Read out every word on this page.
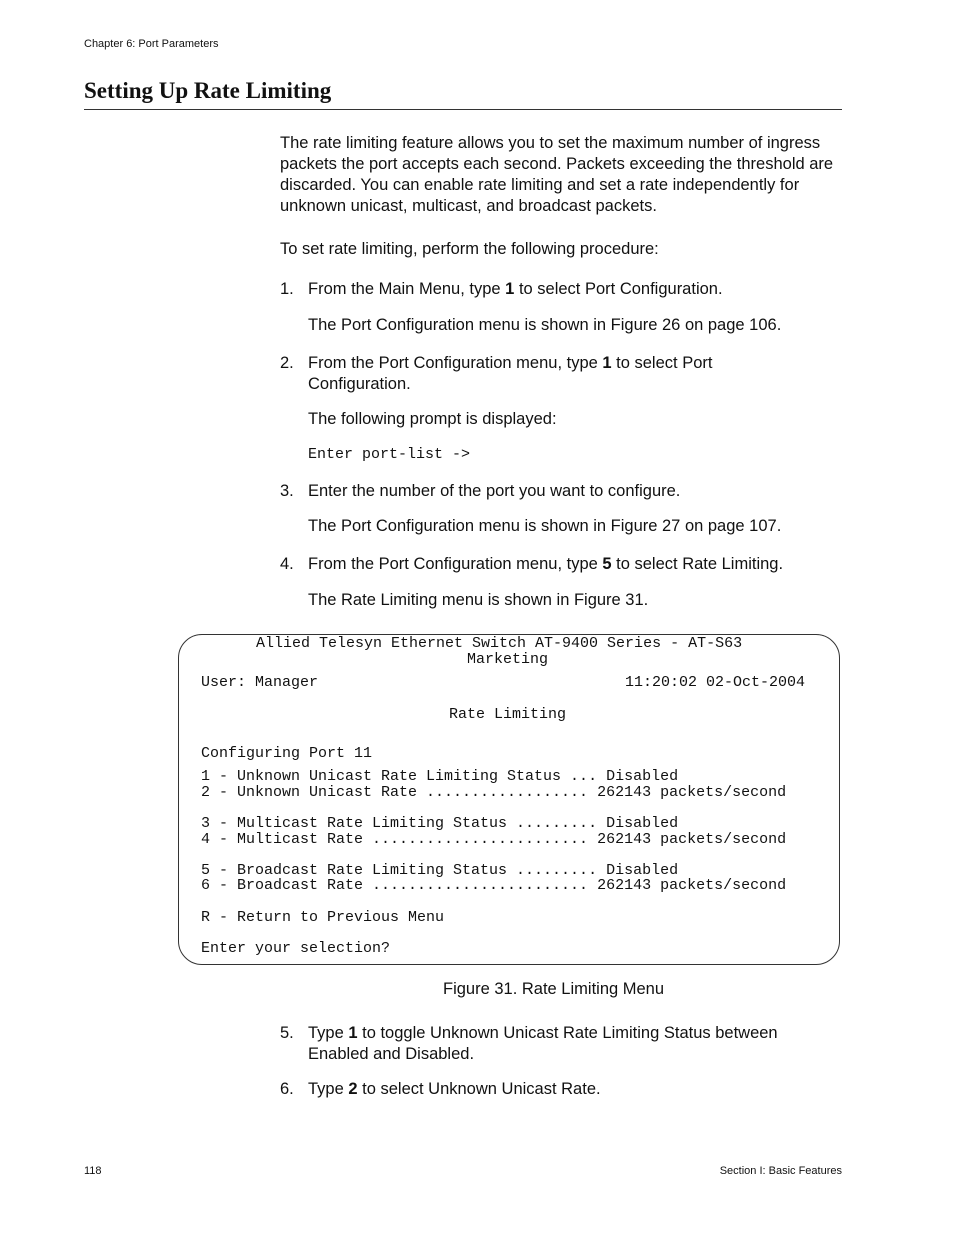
Chapter 6: Port Parameters
Setting Up Rate Limiting
The rate limiting feature allows you to set the maximum number of ingress packets the port accepts each second. Packets exceeding the threshold are discarded. You can enable rate limiting and set a rate independently for unknown unicast, multicast, and broadcast packets.
To set rate limiting, perform the following procedure:
1. From the Main Menu, type 1 to select Port Configuration.
The Port Configuration menu is shown in Figure 26 on page 106.
2. From the Port Configuration menu, type 1 to select Port Configuration.
The following prompt is displayed:
Enter port-list ->
3. Enter the number of the port you want to configure.
The Port Configuration menu is shown in Figure 27 on page 107.
4. From the Port Configuration menu, type 5 to select Rate Limiting.
The Rate Limiting menu is shown in Figure 31.
Allied Telesyn Ethernet Switch AT-9400 Series - AT-S63
Marketing
User: Manager	11:20:02 02-Oct-2004
Rate Limiting
Configuring Port 11
1 - Unknown Unicast Rate Limiting Status ... Disabled
2 - Unknown Unicast Rate .................. 262143 packets/second
3 - Multicast Rate Limiting Status ......... Disabled
4 - Multicast Rate ........................ 262143 packets/second
5 - Broadcast Rate Limiting Status ......... Disabled
6 - Broadcast Rate ........................ 262143 packets/second
R - Return to Previous Menu
Enter your selection?
Figure 31. Rate Limiting Menu
5. Type 1 to toggle Unknown Unicast Rate Limiting Status between Enabled and Disabled.
6. Type 2 to select Unknown Unicast Rate.
118	Section I: Basic Features
